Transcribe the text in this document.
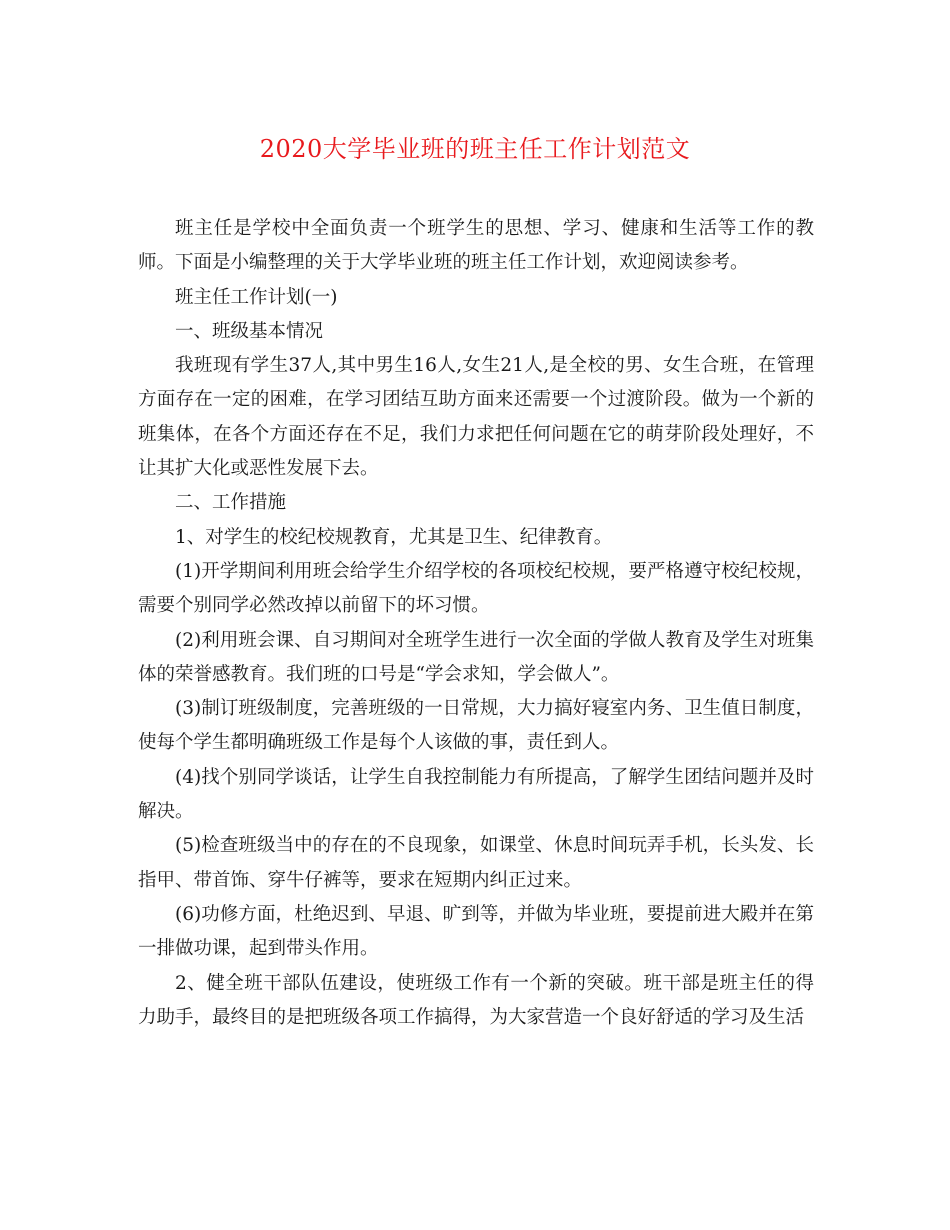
2020大学毕业班的班主任工作计划范文

班主任是学校中全面负责一个班学生的思想、学习、健康和生活等工作的教师。下面是小编整理的关于大学毕业班的班主任工作计划，欢迎阅读参考。

班主任工作计划(一)

一、班级基本情况

我班现有学生37人,其中男生16人,女生21人,是全校的男、女生合班，在管理方面存在一定的困难，在学习团结互助方面来还需要一个过渡阶段。做为一个新的班集体，在各个方面还存在不足，我们力求把任何问题在它的萌芽阶段处理好，不让其扩大化或恶性发展下去。

二、工作措施

1、对学生的校纪校规教育，尤其是卫生、纪律教育。

(1)开学期间利用班会给学生介绍学校的各项校纪校规，要严格遵守校纪校规，需要个别同学必然改掉以前留下的坏习惯。

(2)利用班会课、自习期间对全班学生进行一次全面的学做人教育及学生对班集体的荣誉感教育。我们班的口号是“学会求知，学会做人”。

(3)制订班级制度，完善班级的一日常规，大力搞好寝室内务、卫生值日制度，使每个学生都明确班级工作是每个人该做的事，责任到人。

(4)找个别同学谈话，让学生自我控制能力有所提高，了解学生团结问题并及时解决。

(5)检查班级当中的存在的不良现象，如课堂、休息时间玩弄手机，长头发、长指甲、带首饰、穿牛仔裤等，要求在短期内纠正过来。

(6)功修方面，杜绝迟到、早退、旷到等，并做为毕业班，要提前进大殿并在第一排做功课，起到带头作用。

2、健全班干部队伍建设，使班级工作有一个新的突破。班干部是班主任的得力助手，最终目的是把班级各项工作搞得，为大家营造一个良好舒适的学习及生活
